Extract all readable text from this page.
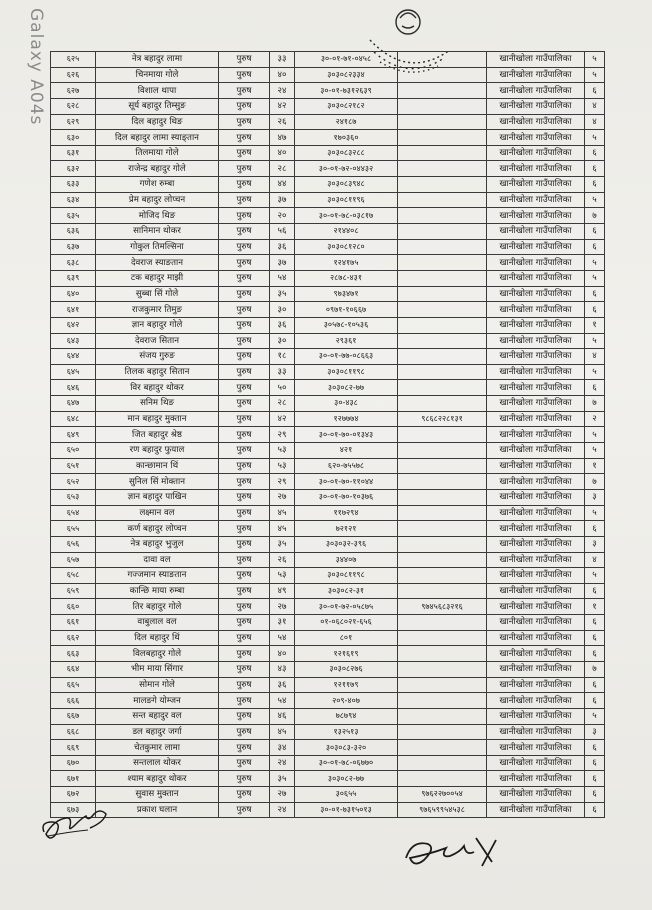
Galaxy A04s	६२५	नेत्र बहादुर लामा	पुरुष	३३	३०-०१-७१-०४५८		खानीखोला गाउँपालिका	५
६२६	चिनमाया गोले	पुरुष	४०	३०३०८२३३४		खानीखोला गाउँपालिका	५
६२७	विशाल थापा	पुरुष	२४	३०-०१-७३१२६३९		खानीखोला गाउँपालिका	६
६२८	सूर्य बहादुर तिम्सुङ	पुरुष	४२	३०३०८२१८२		खानीखोला गाउँपालिका	४
६२९	दिल बहादुर थिङ	पुरुष	२६	२४१८७		खानीखोला गाउँपालिका	४
६३०	दिल बहादुर लामा स्याङ्तान	पुरुष	४७	१७०३६०		खानीखोला गाउँपालिका	५
६३१	तिलमाया गोले	पुरुष	४०	३०३०८३२८८		खानीखोला गाउँपालिका	६
६३२	राजेन्द्र बहादुर गोले	पुरुष	२८	३०-०१-७२-०४४३२		खानीखोला गाउँपालिका	६
६३३	गणेश रुम्बा	पुरुष	४४	३०३०८३९४८		खानीखोला गाउँपालिका	६
६३४	प्रेम बहादुर लोप्चन	पुरुष	३७	३०३०८११९६		खानीखोला गाउँपालिका	५
६३५	मोजिद थिङ	पुरुष	२०	३०-०१-७८-०३८१७		खानीखोला गाउँपालिका	७
६३६	सानिमान थोकर	पुरुष	५६	२१४४०८		खानीखोला गाउँपालिका	६
६३७	गोकुल तिमल्सिना	पुरुष	३६	३०३०८१२८०		खानीखोला गाउँपालिका	६
६३८	देवराज स्याङतान	पुरुष	३७	१२४१७५		खानीखोला गाउँपालिका	५
६३९	टक बहादुर माझी	पुरुष	५४	२८७८-४३१		खानीखोला गाउँपालिका	५
६४०	सुब्बा सिं गोले	पुरुष	३५	९७३४७१		खानीखोला गाउँपालिका	६
६४१	राजकुमार तिमुङ	पुरुष	३०	०९७१-१०६६७		खानीखोला गाउँपालिका	६
६४२	ज्ञान बहादुर गोले	पुरुष	३६	३०५७८-१०५३६		खानीखोला गाउँपालिका	१
६४३	देवराज सितान	पुरुष	३०	२९३६१		खानीखोला गाउँपालिका	५
६४४	संजय गुरुङ	पुरुष	१८	३०-०१-७७-०८६६३		खानीखोला गाउँपालिका	४
६४५	तिलक बहादुर सितान	पुरुष	३३	३०३०८११९८		खानीखोला गाउँपालिका	५
६४६	विर बहादुर थोकर	पुरुष	५०	३०३०८२-७७		खानीखोला गाउँपालिका	६
६४७	सनिम थिङ	पुरुष	२८	३०-४३८		खानीखोला गाउँपालिका	७
६४८	मान बहादुर मुक्तान	पुरुष	४२	१२७७७४	९८६८२२८१३१	खानीखोला गाउँपालिका	२
६४९	जित बहादुर श्रेष्ठ	पुरुष	२९	३०-०१-७०-०१३४३		खानीखोला गाउँपालिका	५
६५०	रण बहादुर फुयाल	पुरुष	५३	४२१		खानीखोला गाउँपालिका	५
६५१	कान्छामान थिं	पुरुष	५३	६२०-७५५७८		खानीखोला गाउँपालिका	१
६५२	सुनिल सिं मोक्तान	पुरुष	२९	३०-०१-७०-११०४४		खानीखोला गाउँपालिका	७
६५३	ज्ञान बहादुर पाखिन	पुरुष	२७	३०-०१-७०-१०३७६		खानीखोला गाउँपालिका	३
६५४	लक्ष्मान वल	पुरुष	४५	११७२९४		खानीखोला गाउँपालिका	५
६५५	कर्ण बहादुर लोप्चन	पुरुष	४५	७२१२१		खानीखोला गाउँपालिका	६
६५६	नेत्र बहादुर भुजुल	पुरुष	३५	३०३०३२-३९६		खानीखोला गाउँपालिका	३
६५७	दावा वल	पुरुष	२६	३४४०७		खानीखोला गाउँपालिका	४
६५८	गज्जमान स्याङतान	पुरुष	५३	३०३०८११९८		खानीखोला गाउँपालिका	५
६५९	कान्छि माया रुम्बा	पुरुष	४९	३०३०८२-३१		खानीखोला गाउँपालिका	६
६६०	तिर बहादुर गोले	पुरुष	२७	३०-०१-७२-०५८७५	९७४५६८३२१६	खानीखोला गाउँपालिका	१
६६१	वाबुलाल वल	पुरुष	३१	०१-०६८०२१-६५६		खानीखोला गाउँपालिका	६
६६२	दिल बहादुर थिं	पुरुष	५४	८०१		खानीखोला गाउँपालिका	६
६६३	विलबहादुर गोले	पुरुष	४०	१२१६१९		खानीखोला गाउँपालिका	६
६६४	भीम माया सिंगार	पुरुष	४३	३०३०८२७६		खानीखोला गाउँपालिका	७
६६५	सोमान गोले	पुरुष	३६	१२११७९		खानीखोला गाउँपालिका	६
६६६	मालङगे योम्जन	पुरुष	५४	२०९-४०७		खानीखोला गाउँपालिका	६
६६७	सन्त बहादुर वल	पुरुष	४६	७८७९४		खानीखोला गाउँपालिका	५
६६८	डल बहादुर जर्गा	पुरुष	४५	१३२५१३		खानीखोला गाउँपालिका	३
६६९	चेतकुमार लामा	पुरुष	३४	३०३०८३-३२०		खानीखोला गाउँपालिका	६
६७०	सन्तलाल थोकर	पुरुष	२४	३०-०१-७८-०६७७०		खानीखोला गाउँपालिका	६
६७१	श्याम बहादुर थोकर	पुरुष	३५	३०३०८२-७७		खानीखोला गाउँपालिका	६
६७२	सुवास मुक्तान	पुरुष	२७	३०६५५	९७६२२७००५४	खानीखोला गाउँपालिका	६
६७३	प्रकाश घलान	पुरुष	२४	३०-०१-७३१५०१३	९७६५९९५४५३८	खानीखोला गाउँपालिका	६
